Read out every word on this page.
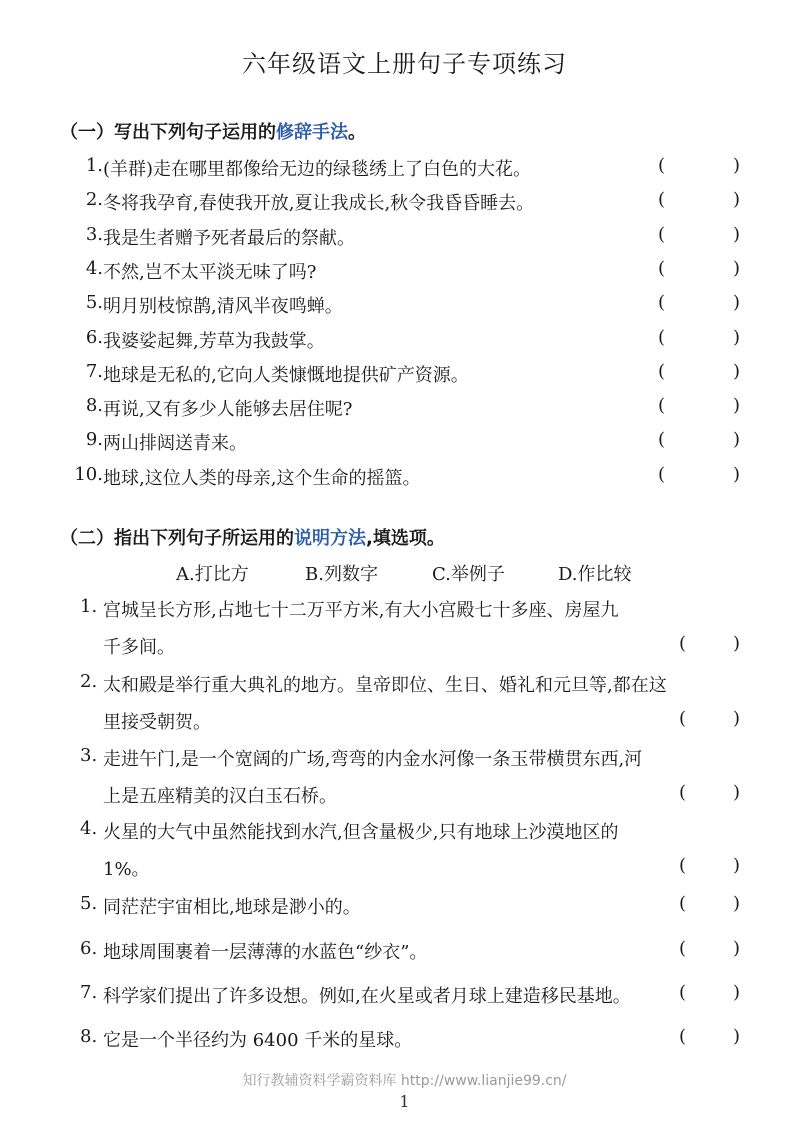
六年级语文上册句子专项练习
（一）写出下列句子运用的修辞手法。
1. (羊群)走在哪里都像给无边的绿毯绣上了白色的大花。	(	)
2. 冬将我孕育,春使我开放,夏让我成长,秋令我昏昏睡去。	(	)
3. 我是生者赠予死者最后的祭献。	(	)
4. 不然,岂不太平淡无味了吗?	(	)
5. 明月别枝惊鹊,清风半夜鸣蝉。	(	)
6. 我婆娑起舞,芳草为我鼓掌。	(	)
7. 地球是无私的,它向人类慷慨地提供矿产资源。	(	)
8. 再说,又有多少人能够去居住呢?	(	)
9. 两山排闼送青来。	(	)
10. 地球,这位人类的母亲,这个生命的摇篮。	(	)
（二）指出下列句子所运用的说明方法,填选项。
A.打比方	B.列数字	C.举例子	D.作比较
1. 宫城呈长方形,占地七十二万平方米,有大小宫殿七十多座、房屋九
千多间。	(	)
2. 太和殿是举行重大典礼的地方。皇帝即位、生日、婚礼和元旦等,都在这
里接受朝贺。	(	)
3. 走进午门,是一个宽阔的广场,弯弯的内金水河像一条玉带横贯东西,河
上是五座精美的汉白玉石桥。	(	)
4. 火星的大气中虽然能找到水汽,但含量极少,只有地球上沙漠地区的
1%。	(	)
5. 同茫茫宇宙相比,地球是渺小的。	(	)
6. 地球周围裹着一层薄薄的水蓝色“纱衣”。	(	)
7. 科学家们提出了许多设想。例如,在火星或者月球上建造移民基地。	(	)
8. 它是一个半径约为 6400 千米的星球。	(	)
知行教辅资料学霸资料库 http://www.lianjie99.cn/
1
